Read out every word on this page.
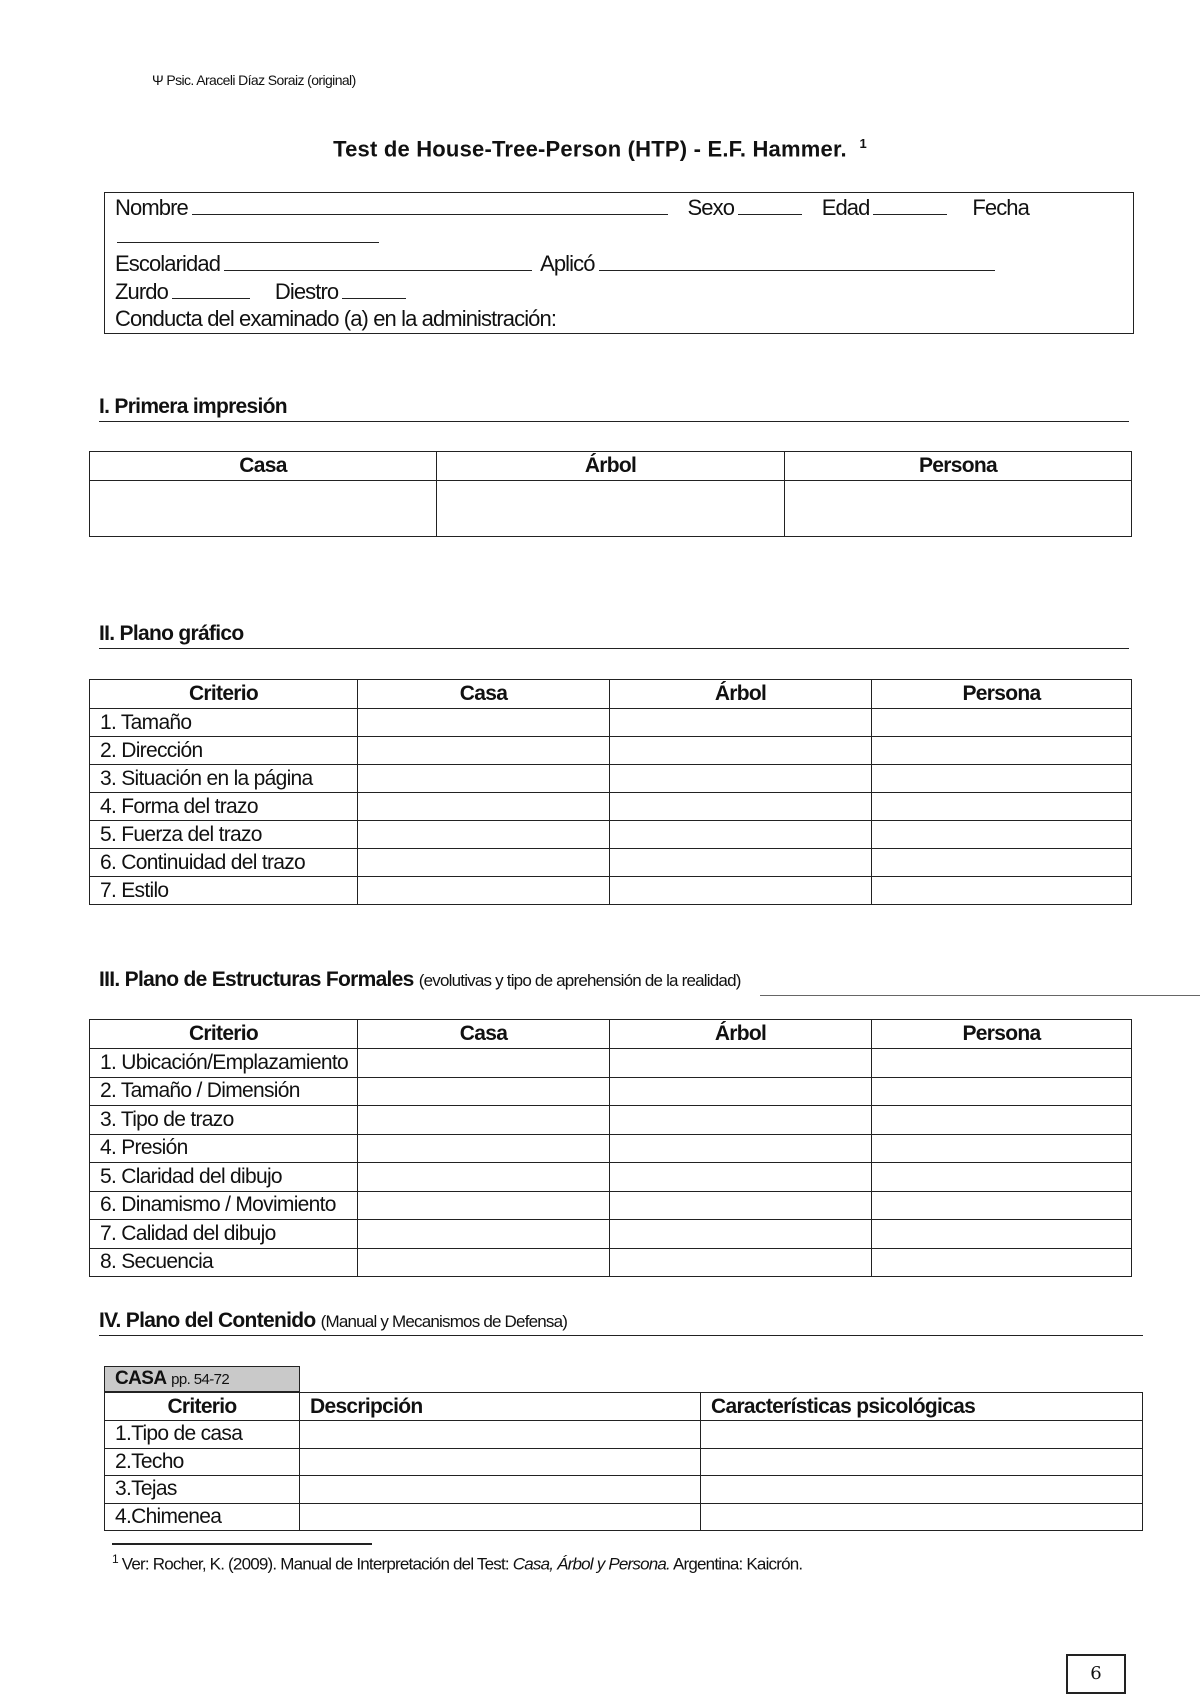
Ψ Psic. Araceli Díaz Soraiz (original)
Test de House-Tree-Person (HTP) - E.F. Hammer. $^1$
Nombre	Sexo	Edad	Fecha
Escolaridad	Aplicó
Zurdo	Diestro
Conducta del examinado (a) en la administración:
I. Primera impresión
Casa	Árbol	Persona

II. Plano gráfico
Criterio	Casa	Árbol	Persona
1. Tamaño			
2. Dirección			
3. Situación en la página			
4. Forma del trazo			
5. Fuerza del trazo			
6. Continuidad del trazo			
7. Estilo			
III. Plano de Estructuras Formales (evolutivas y tipo de aprehensión de la realidad)
Criterio	Casa	Árbol	Persona
1. Ubicación/Emplazamiento			
2. Tamaño / Dimensión			
3. Tipo de trazo			
4. Presión			
5. Claridad del dibujo			
6. Dinamismo / Movimiento			
7. Calidad del dibujo			
8. Secuencia			
IV. Plano del Contenido (Manual y Mecanismos de Defensa)
CASA pp. 54-72
Criterio	Descripción	Características psicológicas
1.Tipo de casa		
2.Techo		
3.Tejas		
4.Chimenea		
$^1$ Ver: Rocher, K. (2009). Manual de Interpretación del Test: Casa, Árbol y Persona. Argentina: Kaicrón.
6
